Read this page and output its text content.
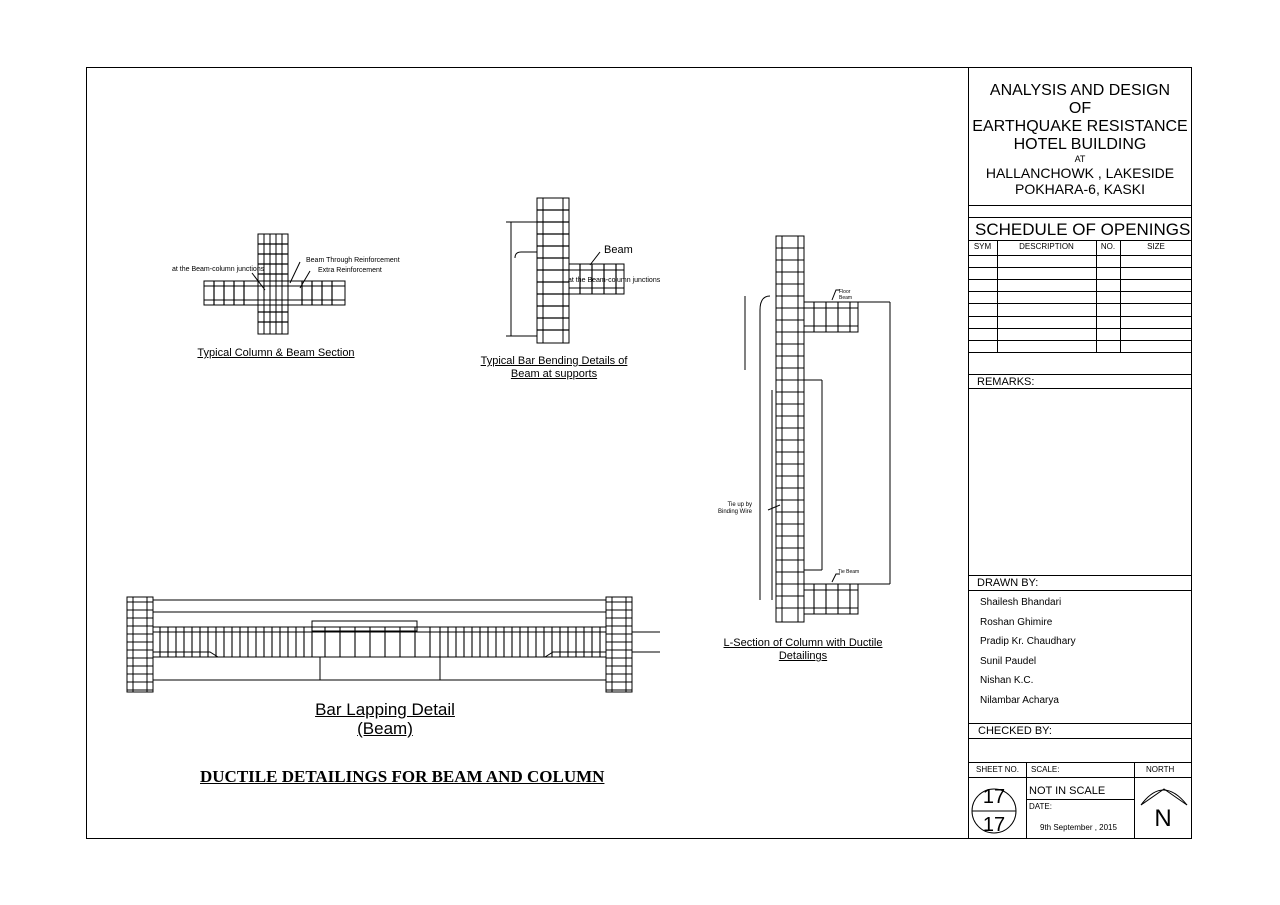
ANALYSIS AND DESIGN
OF
EARTHQUAKE RESISTANCE
HOTEL BUILDING
AT
HALLANCHOWK , LAKESIDE
POKHARA-6, KASKI
SCHEDULE OF OPENINGS
SYM	DESCRIPTION	NO.	SIZE
REMARKS:
DRAWN BY:
Shailesh Bhandari
Roshan Ghimire
Pradip Kr. Chaudhary
Sunil Paudel
Nishan K.C.
Nilambar Acharya
CHECKED BY:
SHEET NO. SCALE:	NORTH
NOT IN SCALE
DATE:
9th September , 2015
17
17	N
at the Beam-column junctions
Beam Through Reinforcement
Extra Reinforcement
Typical Column & Beam Section
Beam
at the Beam-column junctions
Typical Bar Bending Details of
Beam at supports
Floor
Beam
Tie Beam
Tie up by
Binding Wire
L-Section of Column with Ductile
Detailings
Bar Lapping Detail
(Beam)
DUCTILE DETAILINGS FOR BEAM AND COLUMN
